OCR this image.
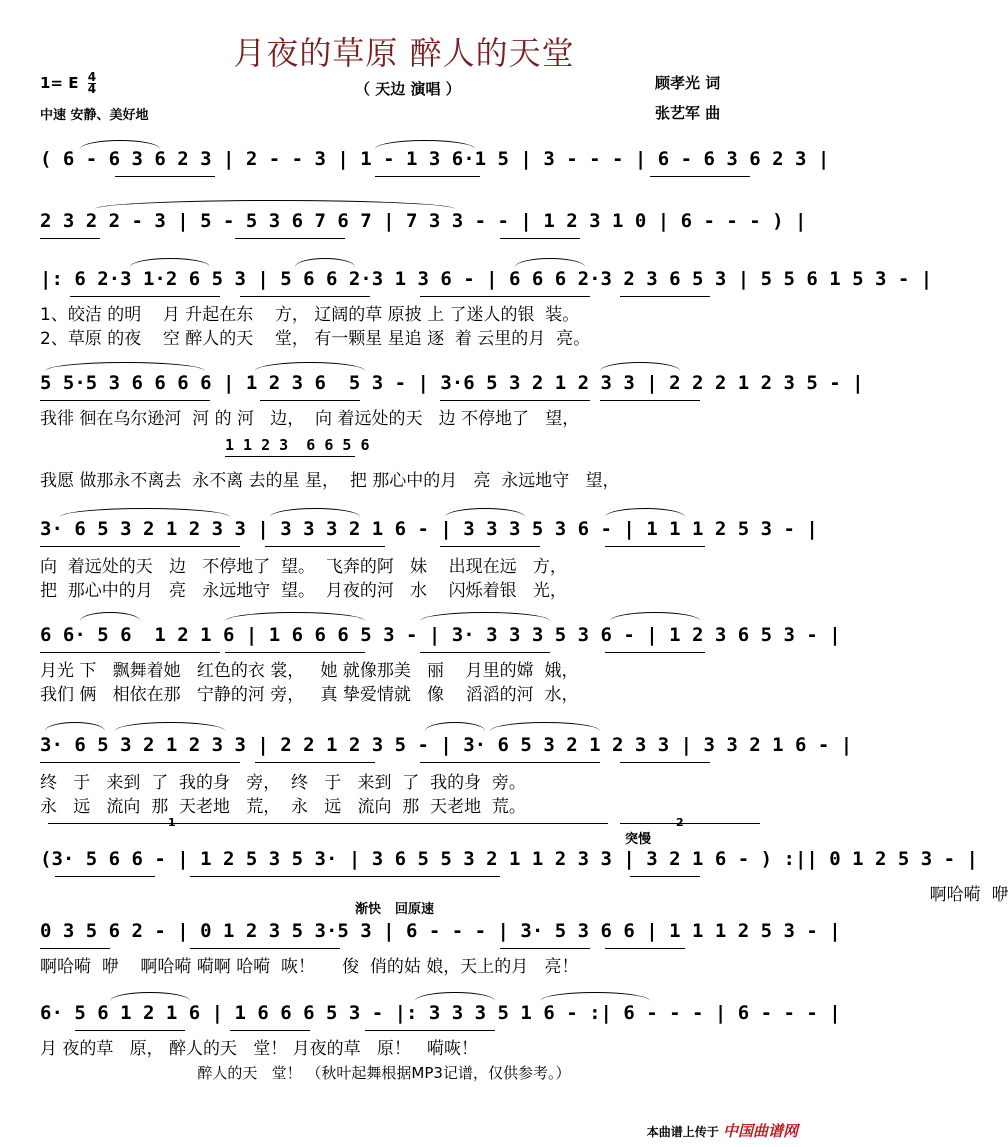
月夜的草原 醉人的天堂
1= E $\frac{4}{4}$	（ 天边 演唱 ）	顾孝光 词
张艺军 曲
中速 安静、美好地
( 6 - 6 3 6 2 3 | 2 - - 3 | 1 - 1 3 6·1 5 | 3 - - - | 6 - 6 3 6 2 3 |
2 3 2 2 - 3 | 5 - 5 3 6 7 6 7 | 7 3 3 - - | 1 2 3 1 0 | 6 - - - ) |
|: 6 2·3 1·2 6 5 3 | 5 6 6 2·3 1 3 6 - | 6 6 6 2·3 2 3 6 5 3 | 5 5 6 1 5 3 - |
1、皎洁 的明    月 升起在东    方， 辽阔的草 原披 上 了迷人的银  装。
2、草原 的夜    空 醉人的天    堂， 有一颗星 星追 逐  着 云里的月  亮。
5 5·5 3 6 6 6 6 | 1 2 3 6  5 3 - | 3·6 5 3 2 1 2 3 3 | 2 2 2 1 2 3 5 - |
我徘 徊在乌尔逊河  河 的 河   边，  向 着远处的天   边 不停地了   望，
1 1 2 3  6 6 5 6
我愿 做那永不离去  永不离 去的星 星，  把 那心中的月   亮  永远地守   望，
3· 6 5 3 2 1 2 3 3 | 3 3 3 2 1 6 - | 3 3 3 5 3 6 - | 1 1 1 2 5 3 - |
向  着远处的天   边   不停地了  望。  飞奔的阿   妹    出现在远   方，
把  那心中的月   亮   永远地守  望。  月夜的河   水    闪烁着银   光，
6 6· 5 6  1 2 1 6 | 1 6 6 6 5 3 - | 3· 3 3 3 5 3 6 - | 1 2 3 6 5 3 - |
月光 下   飘舞着她   红色的衣 裳，   她 就像那美   丽    月里的嫦  娥，
我们 俩   相依在那   宁静的河 旁，   真 挚爱情就   像    滔滔的河  水，
3· 6 5 3 2 1 2 3 3 | 2 2 1 2 3 5 - | 3· 6 5 3 2 1 2 3 3 | 3 3 2 1 6 - |
终   于   来到  了  我的身   旁，  终   于   来到  了  我的身  旁。
永   远   流向  那  天老地   荒，  永   远   流向  那  天老地  荒。
1	2
突慢
(3· 5 6 6 - | 1 2 5 3 5 3· | 3 6 5 5 3 2 1 1 2 3 3 | 3 2 1 6 - ) :|| 0 1 2 5 3 - |
啊哈嗬  咿
渐快 回原速
0 3 5 6 2 - | 0 1 2 3 5 3·5 3 | 6 - - - | 3· 5 3 6 6 | 1 1 1 2 5 3 - |
啊哈嗬  咿    啊哈嗬 嗬啊 哈嗬  咴！     俊  俏的姑 娘，天上的月   亮！
6· 5 6 1 2 1 6 | 1 6 6 6 5 3 - |: 3 3 3 5 1 6 - :| 6 - - - | 6 - - - |
月 夜的草   原， 醉人的天   堂！ 月夜的草   原！   嗬咴！
醉人的天   堂！ （秋叶起舞根据MP3记谱，仅供参考。）
本曲谱上传于 中国曲谱网
